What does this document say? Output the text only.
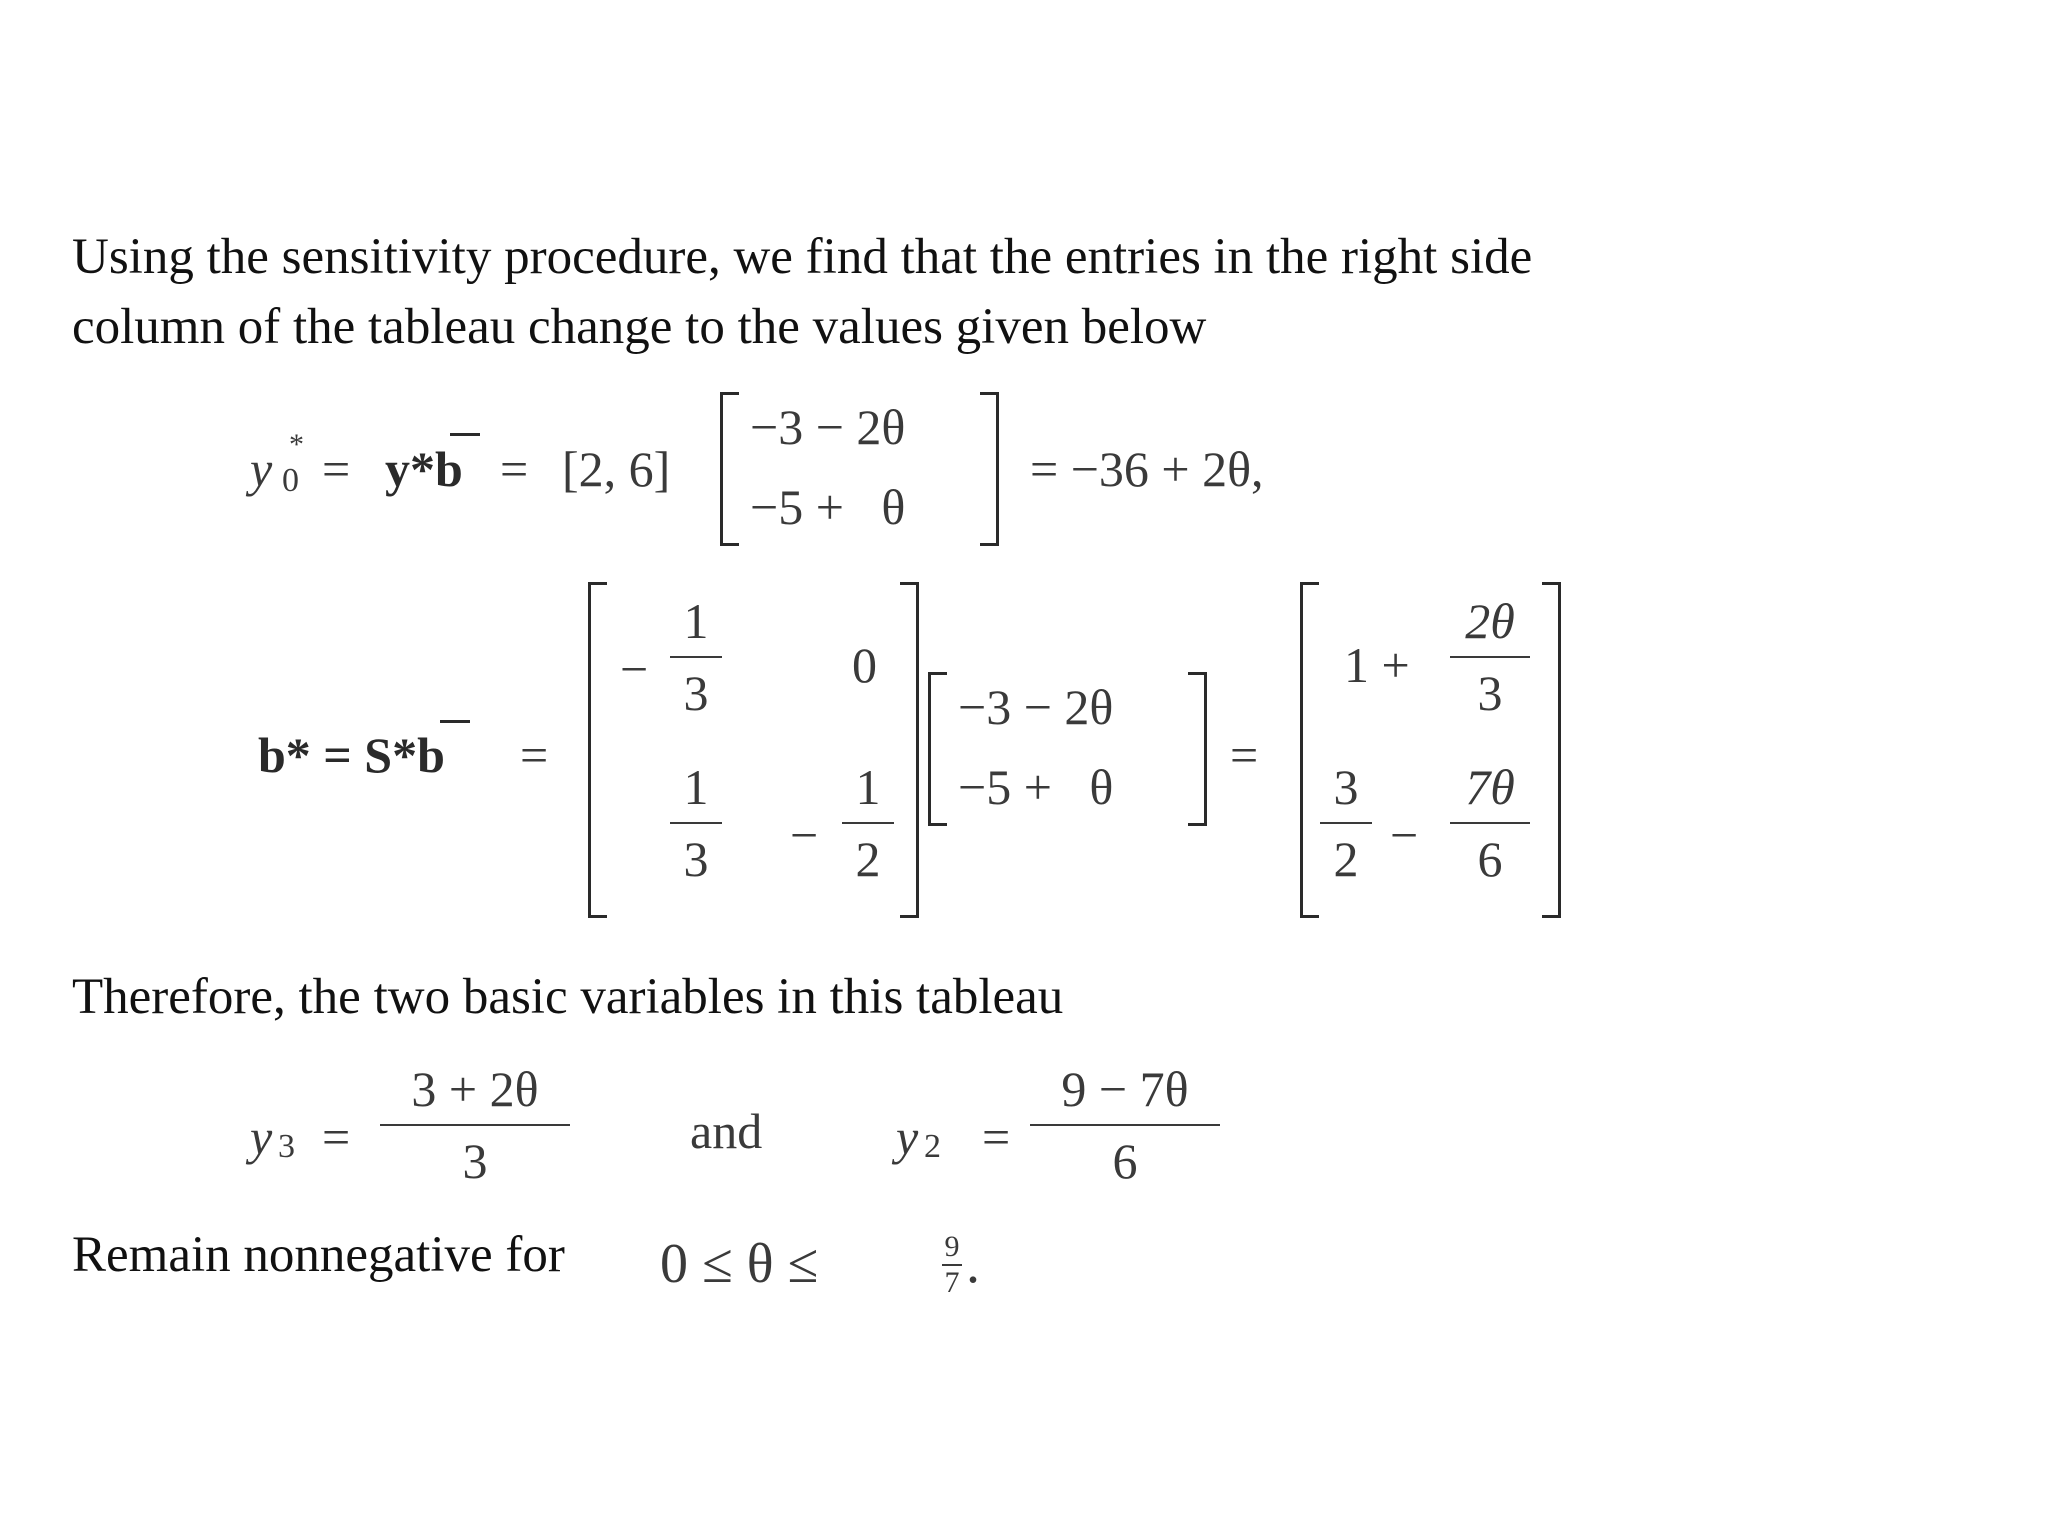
Using the sensitivity procedure, we find that the entries in the right side

column of the tableau change to the values given below

y *
0 = y*b = [2, 6]
−3 − 2θ
−5 +   θ
= −36 + 2θ,
b* = S*b =
−
1
3	0
1
3 −
1
2
−3 − 2θ
−5 +   θ
=
1 +
2θ
3
3
2 −
7θ
6

Therefore, the two basic variables in this tableau

y 3 =
3 + 2θ
3
and	y 2 =
9 − 7θ
6
Remain nonnegative for 0 ≤ θ ≤	9
7 .
